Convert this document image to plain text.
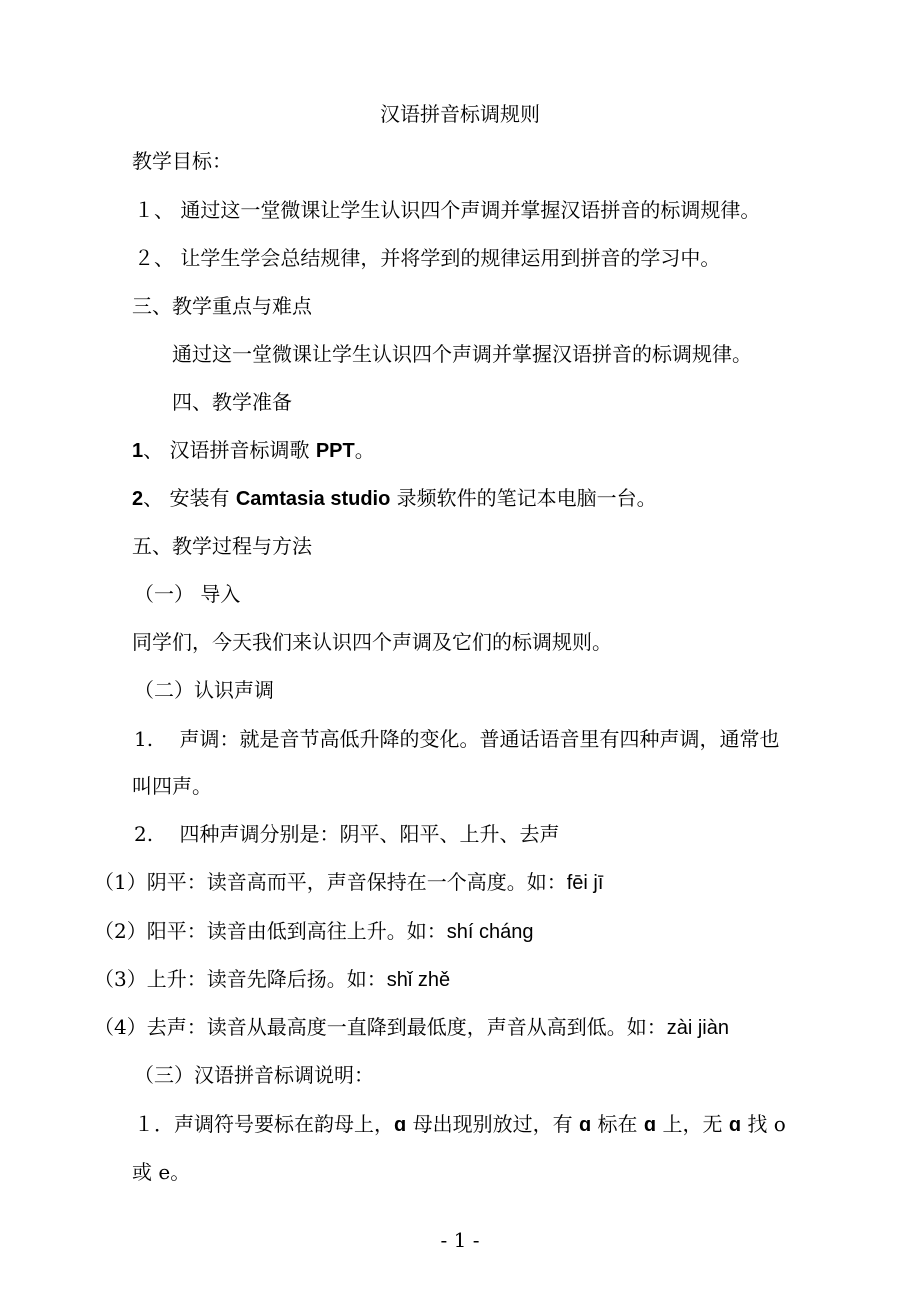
汉语拼音标调规则
教学目标：
１、 通过这一堂微课让学生认识四个声调并掌握汉语拼音的标调规律。
２、 让学生学会总结规律，并将学到的规律运用到拼音的学习中。
三、教学重点与难点
通过这一堂微课让学生认识四个声调并掌握汉语拼音的标调规律。
四、教学准备
1、 汉语拼音标调歌 PPT。
2、 安装有 Camtasia studio 录频软件的笔记本电脑一台。
五、教学过程与方法
（一） 导入
同学们，今天我们来认识四个声调及它们的标调规则。
（二）认识声调
1.　 声调：就是音节高低升降的变化。普通话语音里有四种声调，通常也
叫四声。
2.　 四种声调分别是：阴平、阳平、上升、去声
（1）阴平：读音高而平，声音保持在一个高度。如：fēi jī
（2）阳平：读音由低到高往上升。如：shí cháng
（3）上升：读音先降后扬。如：shǐ zhě
（4）去声：读音从最高度一直降到最低度，声音从高到低。如：zài jiàn
（三）汉语拼音标调说明：
１．声调符号要标在韵母上，ɑ 母出现别放过，有 ɑ 标在 ɑ 上，无 ɑ 找 o
或 e。
- 1 -
